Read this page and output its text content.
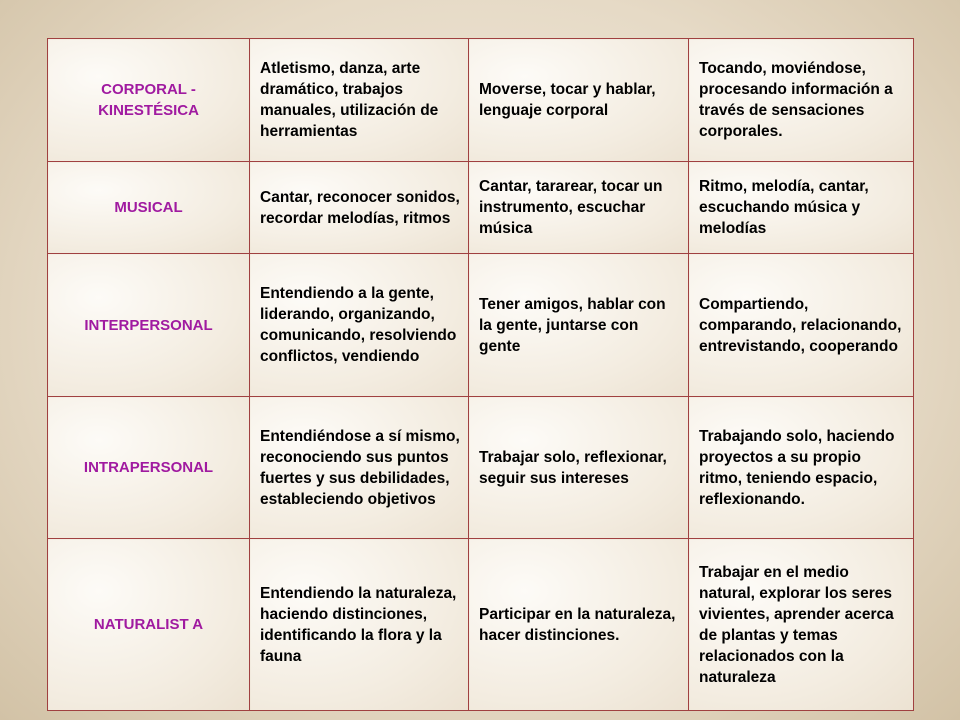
CORPORAL - KINESTÉSICA	Atletismo, danza, arte dramático, trabajos manuales, utilización de herramientas	Moverse, tocar y hablar, lenguaje corporal	Tocando, moviéndose, procesando información a través de sensaciones corporales.
MUSICAL	Cantar, reconocer sonidos, recordar melodías, ritmos	Cantar, tararear, tocar un instrumento, escuchar música	Ritmo, melodía, cantar, escuchando música y melodías
INTERPERSONAL	Entendiendo a la gente, liderando, organizando, comunicando, resolviendo conflictos, vendiendo	Tener amigos, hablar con la gente, juntarse con gente	Compartiendo, comparando, relacionando, entrevistando, cooperando
INTRAPERSONAL	Entendiéndose a sí mismo, reconociendo sus puntos fuertes y sus debilidades, estableciendo objetivos	Trabajar solo, reflexionar, seguir sus intereses	Trabajando solo, haciendo proyectos a su propio ritmo, teniendo espacio, reflexionando.
NATURALIST A	Entendiendo la naturaleza, haciendo distinciones, identificando la flora y la fauna	Participar en la naturaleza, hacer distinciones.	Trabajar en el medio natural, explorar los seres vivientes, aprender acerca de plantas y temas relacionados con la naturaleza
